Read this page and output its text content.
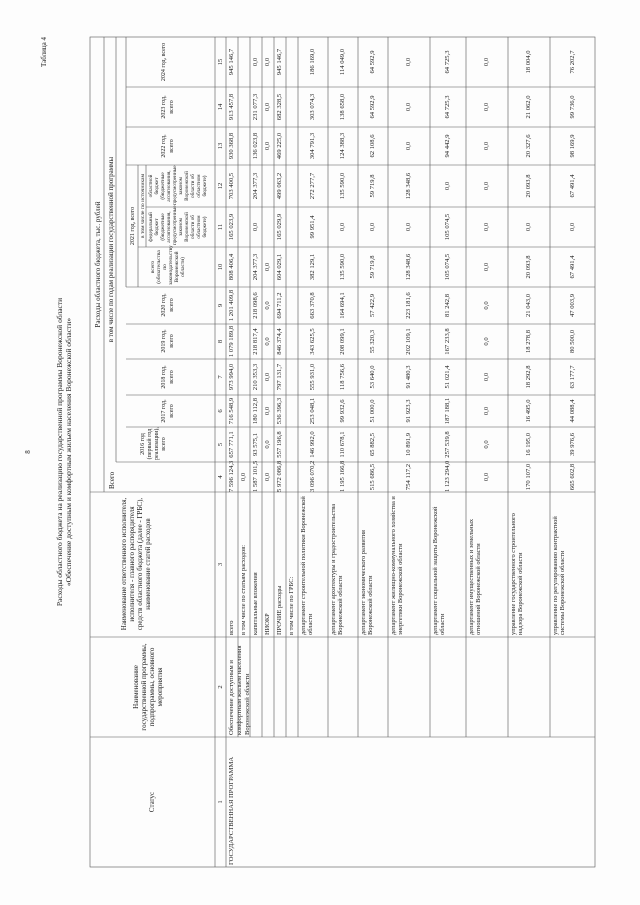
8
Таблица 4
Расходы областного бюджета на реализацию государственной программы Воронежской области «Обеспечение доступным и комфортным жильем населения Воронежской области»
Статус
Наименование государственной программы, подпрограммы, основного мероприятия
Наименование ответственного исполнителя, исполнителя - главного распорядителя средств областного бюджета (далее - ГРБС), наименование статей расходов
Расходы областного бюджета, тыс. рублей
Всего
в том числе по годам реализации государственной программы
2016 год (первый год реализации), всего
2017 год, всего
2018 год, всего
2019 год, всего
2020 год, всего
2021 год, всего
всего (обязательства по законодательству Воронежской области)
в том числе по источникам федеральный бюджет (бюджетные ассигнования, предусмотренные законом Воронежской области об областном бюджете)
областной бюджет (бюджетные ассигнования, предусмотренные законом Воронежской области об областном бюджете)
2022 год, всего
2023 год, всего
2024 год, всего
1
2
3
4
5
6
7
8
9
10
11
12
13
14
15
ГОСУДАРСТВЕННАЯ ПРОГРАММА
Обеспечение доступным и комфортным жильем населения Воронежской области
всего
7 596 124,3
657 771,1
716 548,9
973 994,0
1 079 189,8
1 201 409,8
808 406,4
165 023,9
703 400,5
930 368,8
913 457,8
945 146,7
в том числе по статьям расходов:
0,0
капитальные вложения
1 587 101,5
93 575,1
180 112,8
210 353,3
218 817,4
218 098,6
204 377,3
0,0
204 377,3
136 023,8
231 077,3
0,0
НИОКР
0,0
0,0
0,0
0,0
0,0
0,0
0,0
0,0
0,0
0,0
ПРОЧИЕ расходы
5 972 086,8
557 196,8
536 396,3
797 131,7
846 374,4
694 711,2
604 029,1
165 029,9
499 063,2
469 225,0
682 328,5
945 146,7
в том числе по ГРБС: департамент строительной политики Воронежской области
3 096 070,2
146 992,0
253 048,1
555 931,0
343 625,5
663 370,8
382 129,1
99 951,4
272 277,7
304 791,3
303 074,3
186 169,0
департамент архитектуры и градостроительства Воронежской области
1 195 166,8
110 678,1
99 932,6
118 756,6
208 099,1
164 694,1
135 590,0
0,0
135 590,0
124 388,3
138 658,0
114 049,0
департамент экономического развития Воронежской области
515 686,5
65 882,5
51 000,0
53 640,0
55 320,3
57 422,9
59 719,8
0,0
59 719,8
62 108,6
64 592,9
64 592,9
департамент жилищно-коммунального хозяйства и энергетики Воронежской области
754 117,2
10 891,9
91 923,3
91 480,3
202 109,1
223 181,6
128 348,6
0,0
128 348,6
0,0
0,0
0,0
департамент социальной защиты Воронежской области
1 123 294,0
257 539,8
187 188,1
51 021,4
167 233,8
81 242,8
105 074,5
105 074,5
0,0
94 442,9
64 725,3
64 725,3
департамент имущественных и земельных отношений Воронежской области
0,0
0,0
0,0
0,0
0,0
0,0
0,0
0,0
0,0
0,0
0,0
0,0
управление государственного строительного надзора Воронежской области
170 107,0
16 195,0
16 495,0
18 292,8
18 278,8
21 043,0
20 093,8
0,0
20 093,8
20 327,6
21 062,0
18 004,0
управление по регулированию контрактной системы Воронежской области
665 602,8
39 976,6
44 088,4
63 177,7
80 500,0
47 003,9
67 491,4
0,0
67 491,4
98 169,9
99 736,0
76 202,7
